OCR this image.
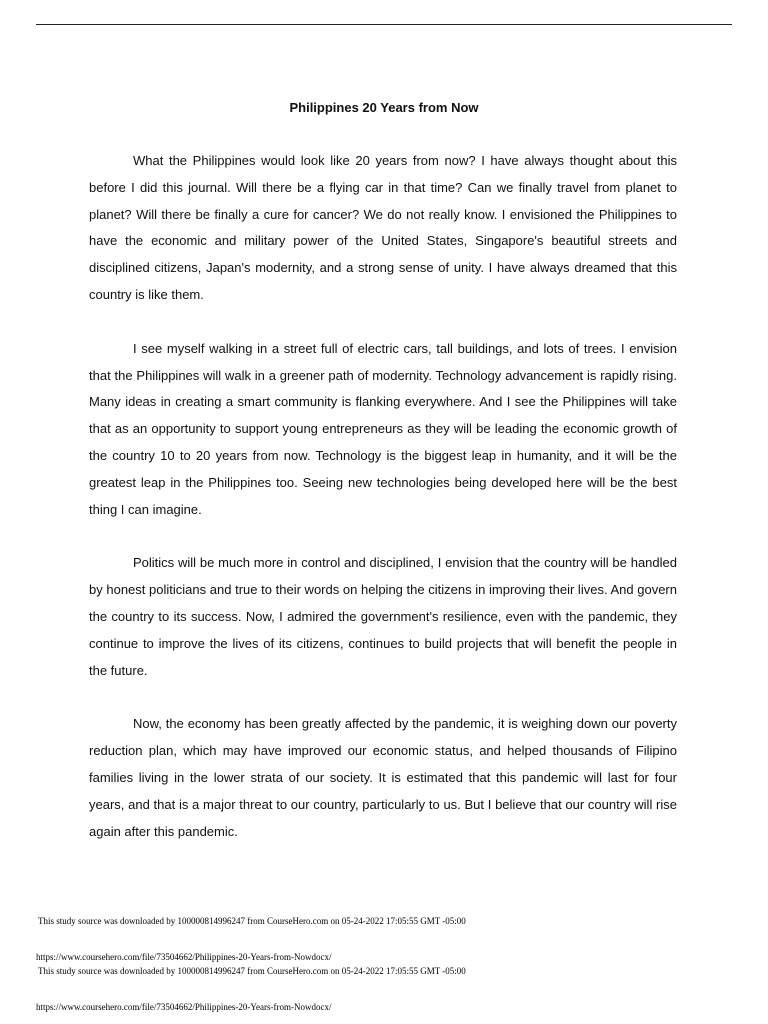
Philippines 20 Years from Now

What the Philippines would look like 20 years from now? I have always thought about this before I did this journal. Will there be a flying car in that time? Can we finally travel from planet to planet? Will there be finally a cure for cancer? We do not really know. I envisioned the Philippines to have the economic and military power of the United States, Singapore's beautiful streets and disciplined citizens, Japan's modernity, and a strong sense of unity. I have always dreamed that this country is like them.

I see myself walking in a street full of electric cars, tall buildings, and lots of trees. I envision that the Philippines will walk in a greener path of modernity. Technology advancement is rapidly rising. Many ideas in creating a smart community is flanking everywhere. And I see the Philippines will take that as an opportunity to support young entrepreneurs as they will be leading the economic growth of the country 10 to 20 years from now. Technology is the biggest leap in humanity, and it will be the greatest leap in the Philippines too. Seeing new technologies being developed here will be the best thing I can imagine.

Politics will be much more in control and disciplined, I envision that the country will be handled by honest politicians and true to their words on helping the citizens in improving their lives. And govern the country to its success. Now, I admired the government's resilience, even with the pandemic, they continue to improve the lives of its citizens, continues to build projects that will benefit the people in the future.

Now, the economy has been greatly affected by the pandemic, it is weighing down our poverty reduction plan, which may have improved our economic status, and helped thousands of Filipino families living in the lower strata of our society. It is estimated that this pandemic will last for four years, and that is a major threat to our country, particularly to us. But I believe that our country will rise again after this pandemic.

This study source was downloaded by 100000814996247 from CourseHero.com on 05-24-2022 17:05:55 GMT -05:00
https://www.coursehero.com/file/73504662/Philippines-20-Years-from-Nowdocx/
This study source was downloaded by 100000814996247 from CourseHero.com on 05-24-2022 17:05:55 GMT -05:00
https://www.coursehero.com/file/73504662/Philippines-20-Years-from-Nowdocx/
